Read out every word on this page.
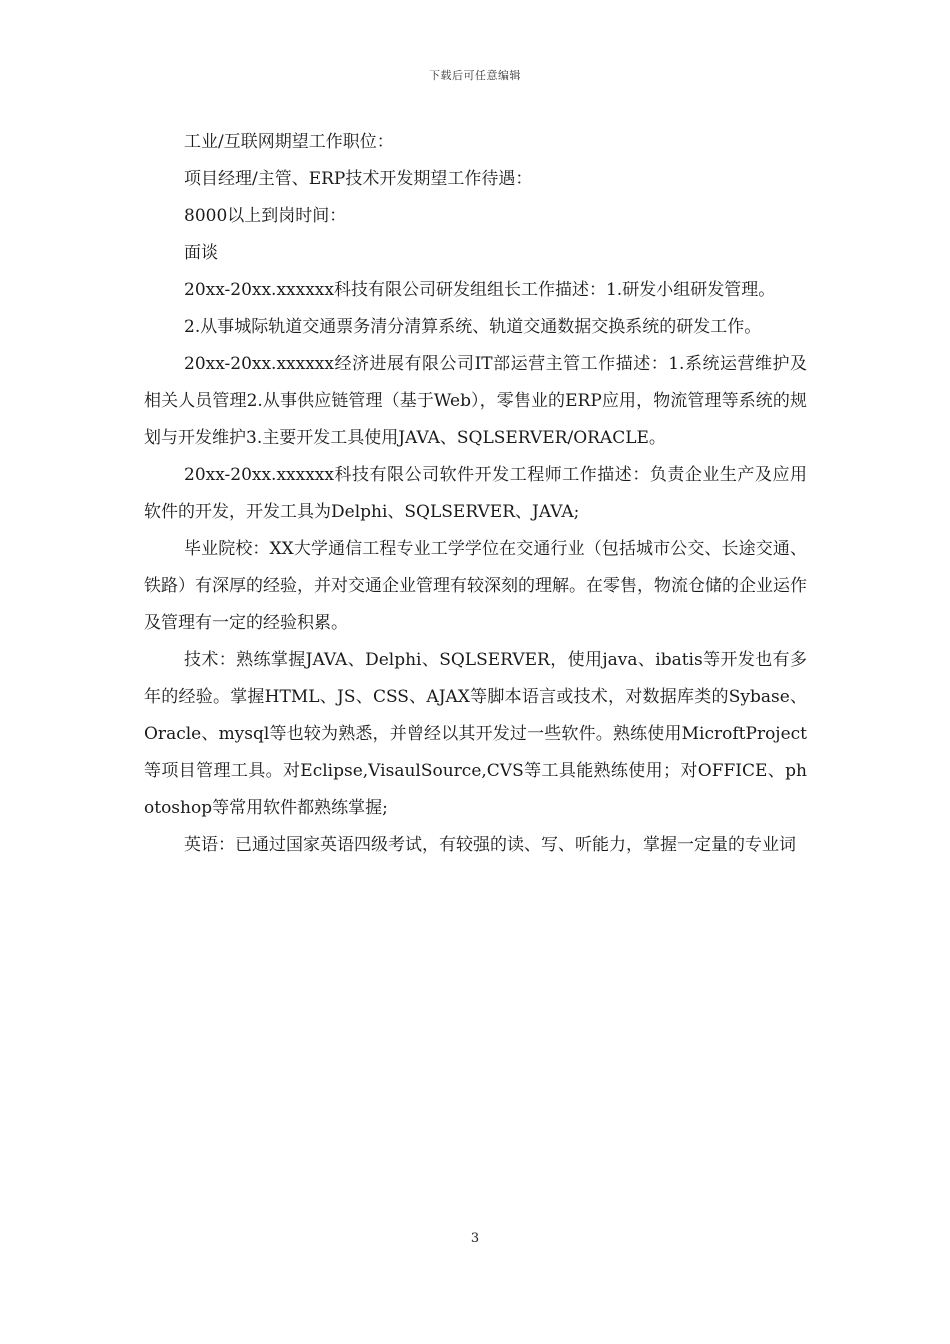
下载后可任意编辑

工业/互联网期望工作职位：

项目经理/主管、ERP技术开发期望工作待遇：

8000以上到岗时间：

面谈

20xx-20xx.xxxxxx科技有限公司研发组组长工作描述：1.研发小组研发管理。

2.从事城际轨道交通票务清分清算系统、轨道交通数据交换系统的研发工作。

20xx-20xx.xxxxxx经济进展有限公司IT部运营主管工作描述：1.系统运营维护及相关人员管理2.从事供应链管理（基于Web），零售业的ERP应用，物流管理等系统的规划与开发维护3.主要开发工具使用JAVA、SQLSERVER/ORACLE。

20xx-20xx.xxxxxx科技有限公司软件开发工程师工作描述：负责企业生产及应用软件的开发，开发工具为Delphi、SQLSERVER、JAVA;

毕业院校：XX大学通信工程专业工学学位在交通行业（包括城市公交、长途交通、铁路）有深厚的经验，并对交通企业管理有较深刻的理解。在零售，物流仓储的企业运作及管理有一定的经验积累。

技术：熟练掌握JAVA、Delphi、SQLSERVER，使用java、ibatis等开发也有多年的经验。掌握HTML、JS、CSS、AJAX等脚本语言或技术，对数据库类的Sybase、Oracle、mysql等也较为熟悉，并曾经以其开发过一些软件。熟练使用MicroftProject等项目管理工具。对Eclipse,VisaulSource,CVS等工具能熟练使用；对OFFICE、photoshop等常用软件都熟练掌握;

英语：已通过国家英语四级考试，有较强的读、写、听能力，掌握一定量的专业词

3
